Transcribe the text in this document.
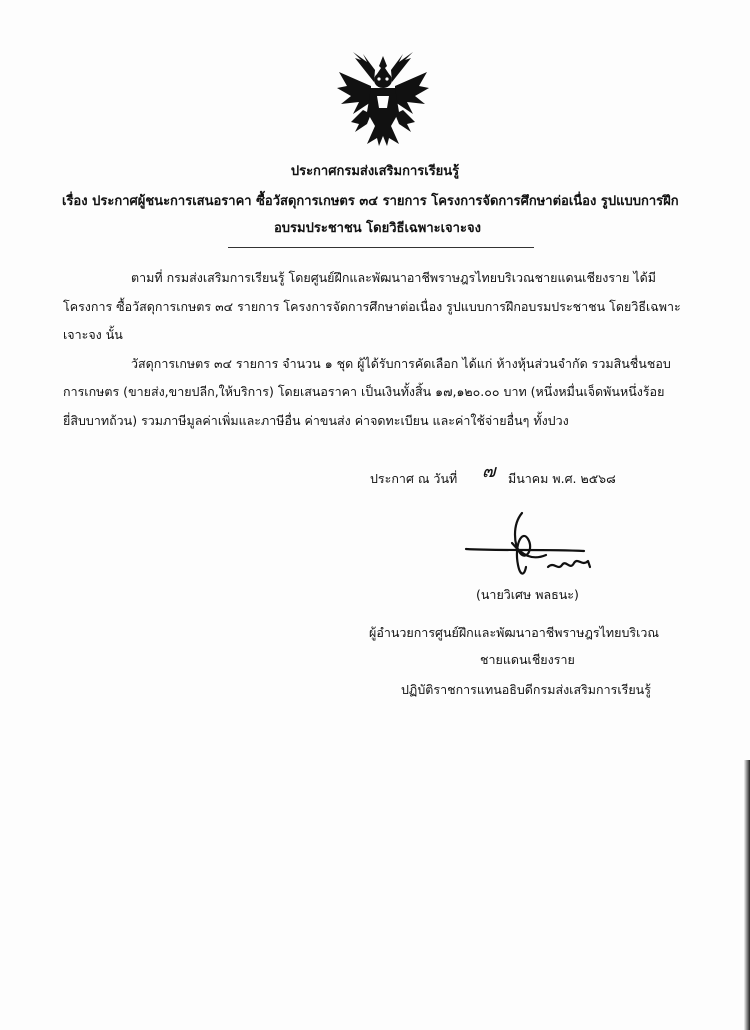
ประกาศกรมส่งเสริมการเรียนรู้
เรื่อง ประกาศผู้ชนะการเสนอราคา ซื้อวัสดุการเกษตร ๓๔ รายการ โครงการจัดการศึกษาต่อเนื่อง รูปแบบการฝึก
อบรมประชาชน โดยวิธีเฉพาะเจาะจง
ตามที่ กรมส่งเสริมการเรียนรู้ โดยศูนย์ฝึกและพัฒนาอาชีพราษฎรไทยบริเวณชายแดนเชียงราย ได้มี
โครงการ ซื้อวัสดุการเกษตร ๓๔ รายการ โครงการจัดการศึกษาต่อเนื่อง รูปแบบการฝึกอบรมประชาชน โดยวิธีเฉพาะ
เจาะจง นั้น
วัสดุการเกษตร ๓๔ รายการ จำนวน ๑ ชุด ผู้ได้รับการคัดเลือก ได้แก่ ห้างหุ้นส่วนจำกัด รวมสินชื่นชอบ
การเกษตร (ขายส่ง,ขายปลีก,ให้บริการ) โดยเสนอราคา เป็นเงินทั้งสิ้น ๑๗,๑๒๐.๐๐ บาท (หนึ่งหมื่นเจ็ดพันหนึ่งร้อย
ยี่สิบบาทถ้วน) รวมภาษีมูลค่าเพิ่มและภาษีอื่น ค่าขนส่ง ค่าจดทะเบียน และค่าใช้จ่ายอื่นๆ ทั้งปวง
ประกาศ ณ วันที่ ๗ มีนาคม พ.ศ. ๒๕๖๘
(นายวิเศษ พลธนะ)
ผู้อำนวยการศูนย์ฝึกและพัฒนาอาชีพราษฎรไทยบริเวณ
ชายแดนเชียงราย
ปฏิบัติราชการแทนอธิบดีกรมส่งเสริมการเรียนรู้
